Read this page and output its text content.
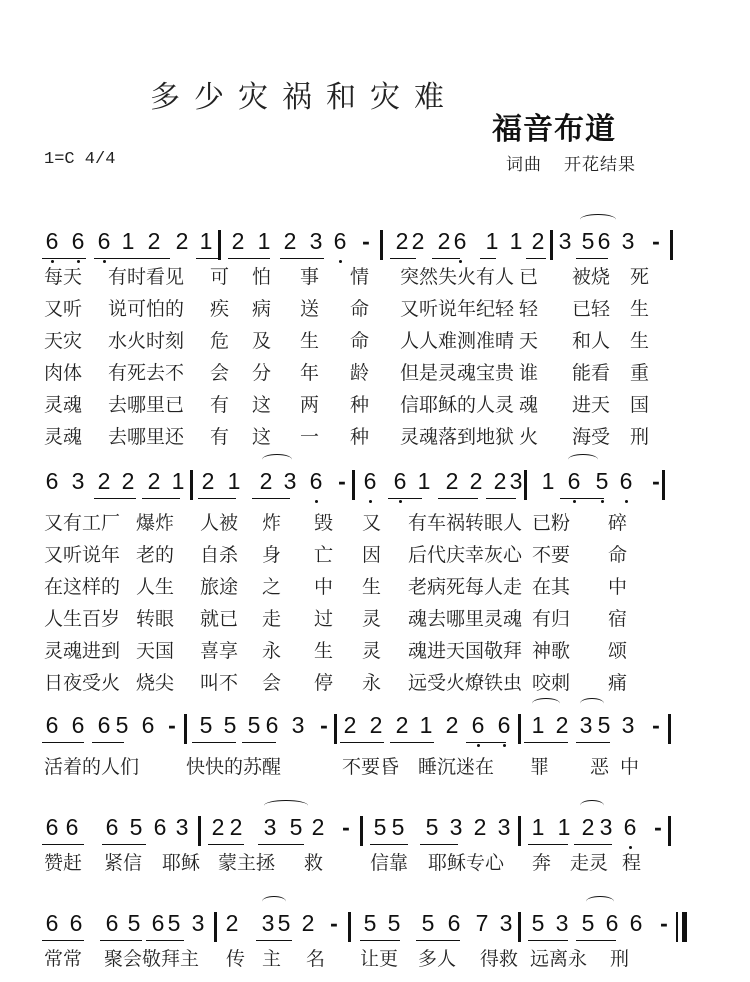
多少灾祸和灾难
福音布道
1=C 4/4	词曲 开花结果
6 6 6 1 2 2 1 2 1 2 3 6 - 2 2 2 6 1 1 2 3 5 6 3 -
每天 有时看见 可 怕 事 情 突然失火有人 已 被烧 死
又听 说可怕的 疾 病 送 命 又听说年纪轻 轻 已轻 生
天灾 水火时刻 危 及 生 命 人人难测准晴 天 和人 生
肉体 有死去不 会 分 年 龄 但是灵魂宝贵 谁 能看 重
灵魂 去哪里已 有 这 两 种 信耶稣的人灵 魂 进天 国
灵魂 去哪里还 有 这 一 种 灵魂落到地狱 火 海受 刑
6 3 2 2 2 1 2 1 2 3 6 - 6 6 1 2 2 2 3 1 6 5 6 -
又有工厂 爆炸 人被 炸 毁 又 有车祸转眼人 已粉 碎
又听说年 老的 自杀 身 亡 因 后代庆幸灰心 不要 命
在这样的 人生 旅途 之 中 生 老病死每人走 在其 中
人生百岁 转眼 就已 走 过 灵 魂去哪里灵魂 有归 宿
灵魂进到 天国 喜享 永 生 灵 魂进天国敬拜 神歌 颂
日夜受火 烧尖 叫不 会 停 永 远受火燎铁虫 咬刺 痛
6 6 6 5 6 - 5 5 5 6 3 - 2 2 2 1 2 6 6 1 2 3 5 3 -
活着的人们 快快的苏醒	不要昏 睡沉迷在 罪 恶 中
6 6 6 5 6 3 2 2 3 5 2 - 5 5 5 3 2 3 1 1 2 3 6 -
赞赶 紧信 耶稣 蒙主拯 救 信靠 耶稣专心 奔 走灵 程
6 6 6 5 6 5 3 2 3 5 2 - 5 5 5 6 7 3 5 3 5 6 6 -
常常 聚会敬拜主 传 主 名 让更 多人 得救 远离永 刑
